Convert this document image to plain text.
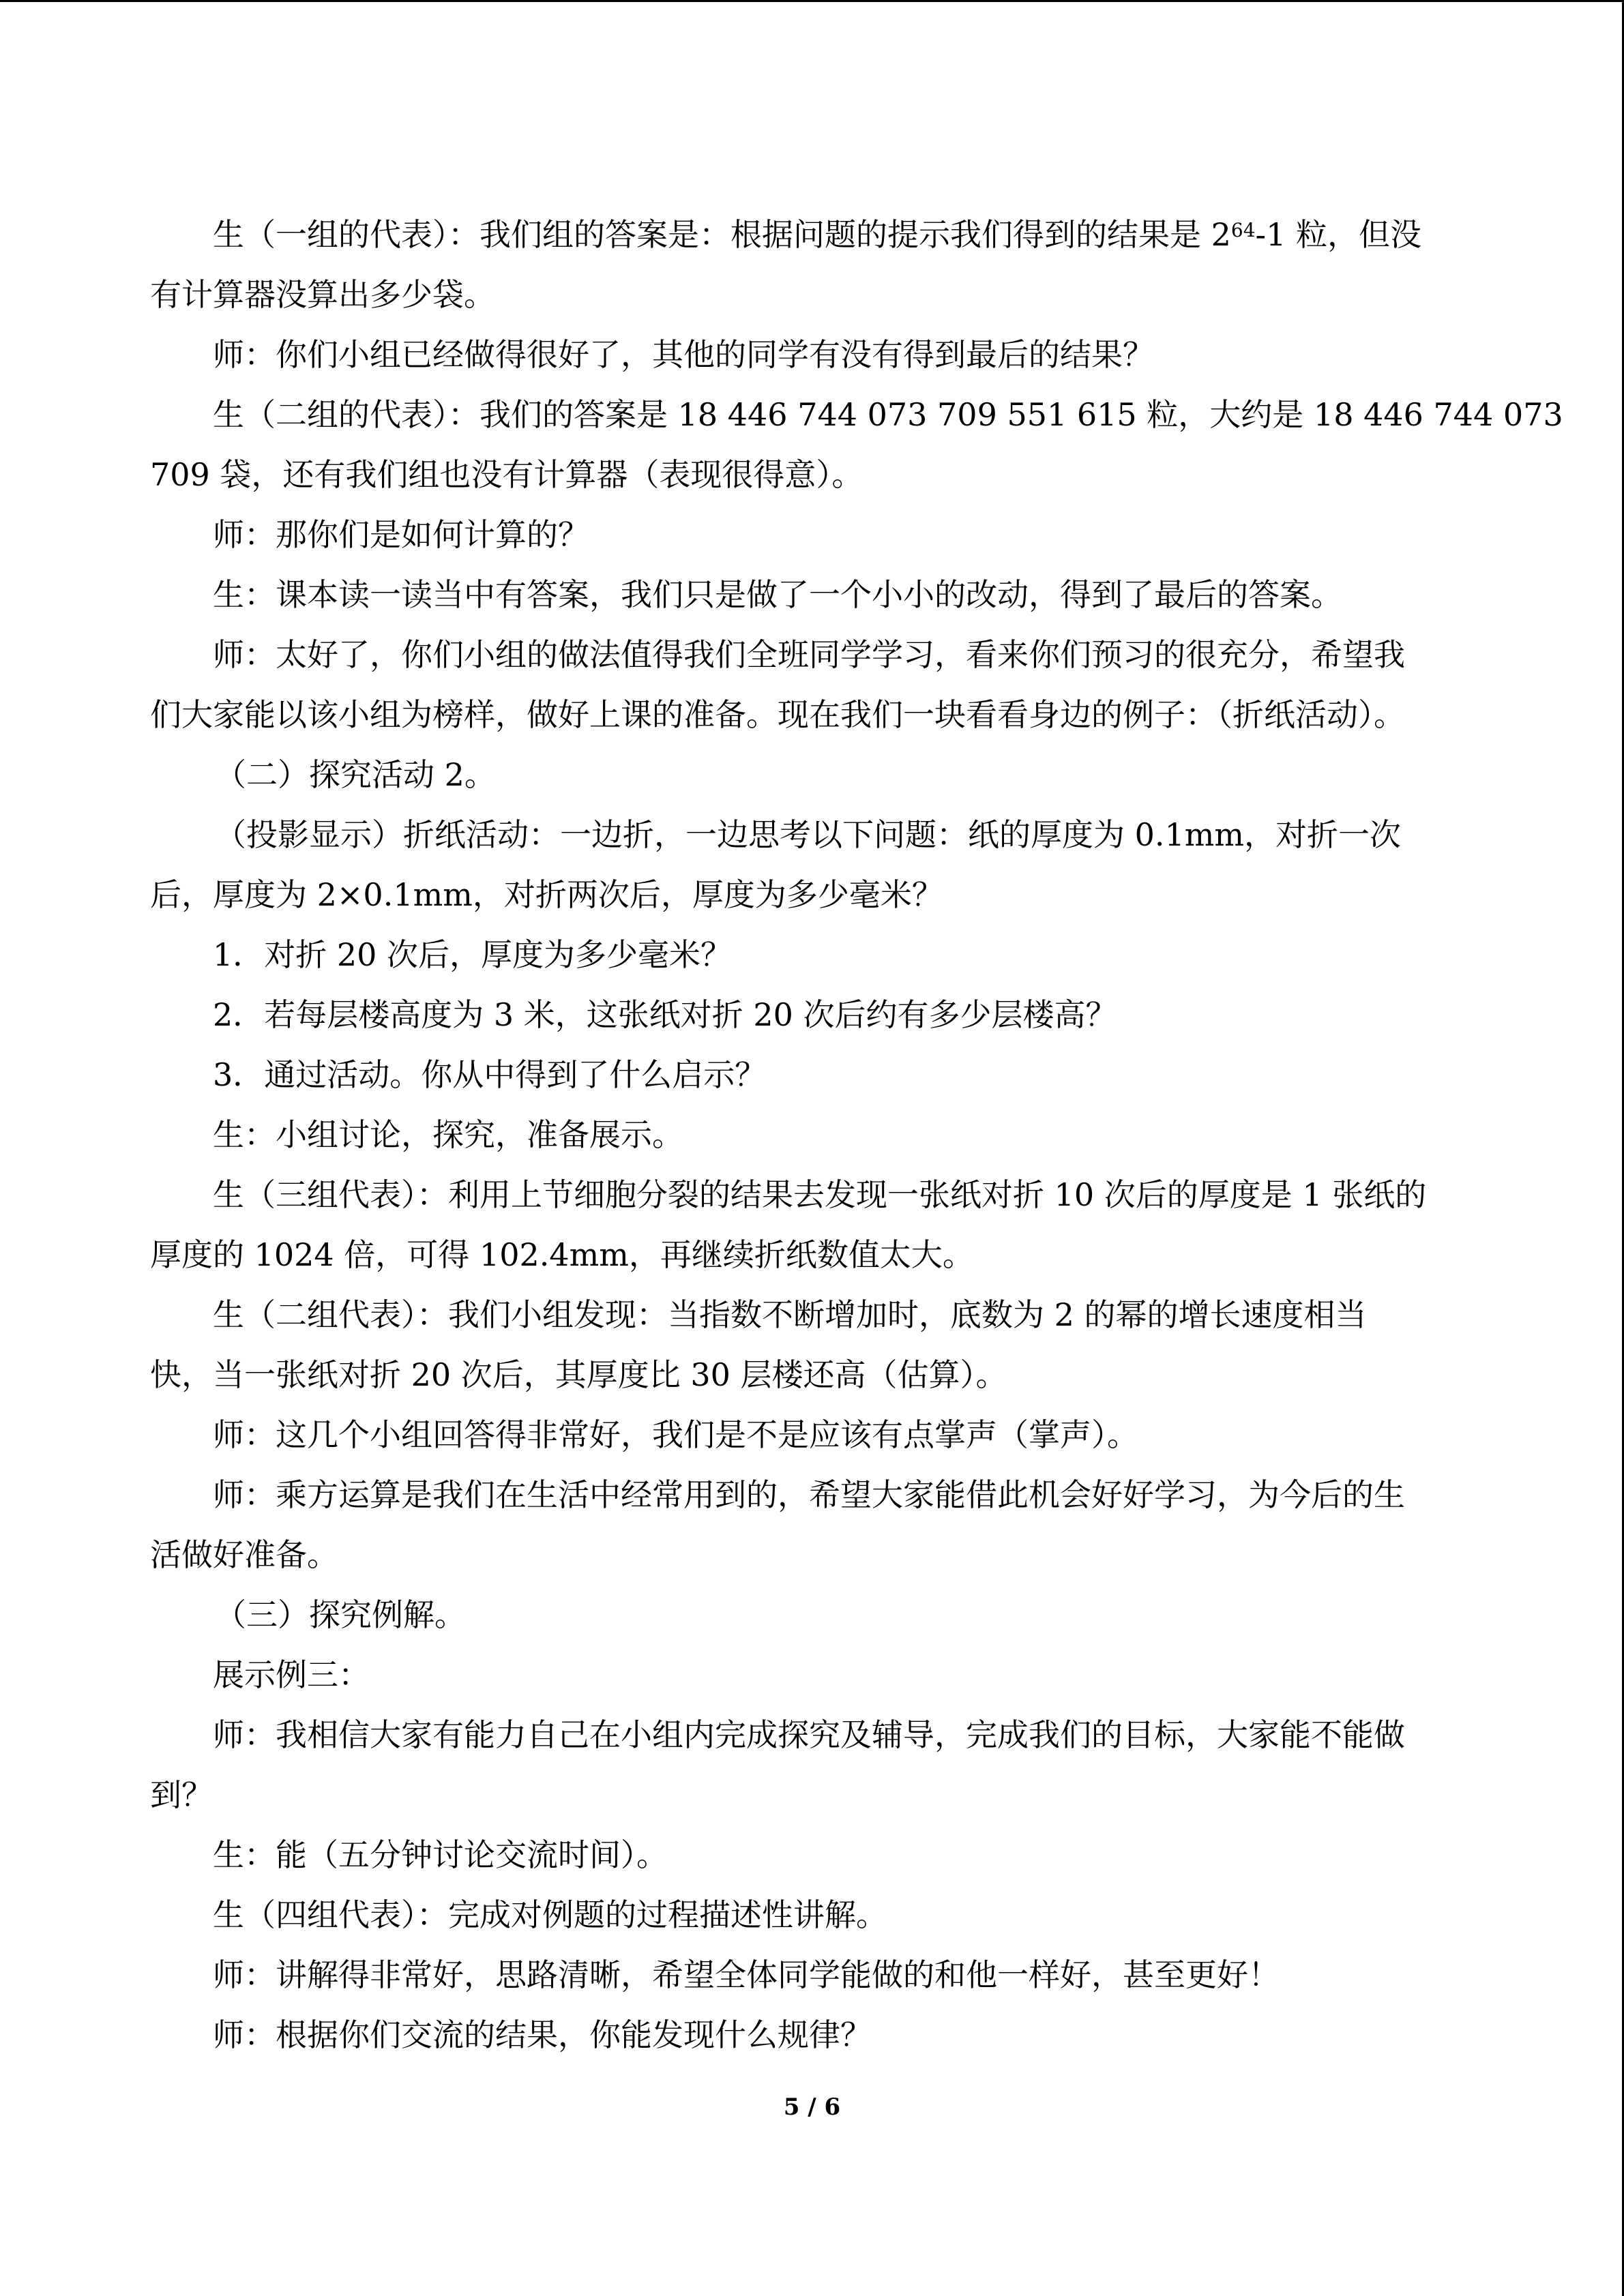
生（一组的代表）：我们组的答案是：根据问题的提示我们得到的结果是 $2^{64}-1$ 粒，但没
有计算器没算出多少袋。

师：你们小组已经做得很好了，其他的同学有没有得到最后的结果？

生（二组的代表）：我们的答案是 18 446 744 073 709 551 615 粒，大约是 18 446 744 073
709 袋，还有我们组也没有计算器（表现很得意）。

师：那你们是如何计算的？

生：课本读一读当中有答案，我们只是做了一个小小的改动，得到了最后的答案。

师：太好了，你们小组的做法值得我们全班同学学习，看来你们预习的很充分，希望我
们大家能以该小组为榜样，做好上课的准备。现在我们一块看看身边的例子：（折纸活动）。

（二）探究活动 2。

（投影显示）折纸活动：一边折，一边思考以下问题：纸的厚度为 0.1mm，对折一次
后，厚度为 2×0.1mm，对折两次后，厚度为多少毫米？

1．对折 20 次后，厚度为多少毫米？

2．若每层楼高度为 3 米，这张纸对折 20 次后约有多少层楼高？

3．通过活动。你从中得到了什么启示？

生：小组讨论，探究，准备展示。

生（三组代表）：利用上节细胞分裂的结果去发现一张纸对折 10 次后的厚度是 1 张纸的
厚度的 1024 倍，可得 102.4mm，再继续折纸数值太大。

生（二组代表）：我们小组发现：当指数不断增加时，底数为 2 的幂的增长速度相当
快，当一张纸对折 20 次后，其厚度比 30 层楼还高（估算）。

师：这几个小组回答得非常好，我们是不是应该有点掌声（掌声）。

师：乘方运算是我们在生活中经常用到的，希望大家能借此机会好好学习，为今后的生
活做好准备。

（三）探究例解。

展示例三：

师：我相信大家有能力自己在小组内完成探究及辅导，完成我们的目标，大家能不能做
到？

生：能（五分钟讨论交流时间）。

生（四组代表）：完成对例题的过程描述性讲解。

师：讲解得非常好，思路清晰，希望全体同学能做的和他一样好，甚至更好！

师：根据你们交流的结果，你能发现什么规律？

5 / 6
